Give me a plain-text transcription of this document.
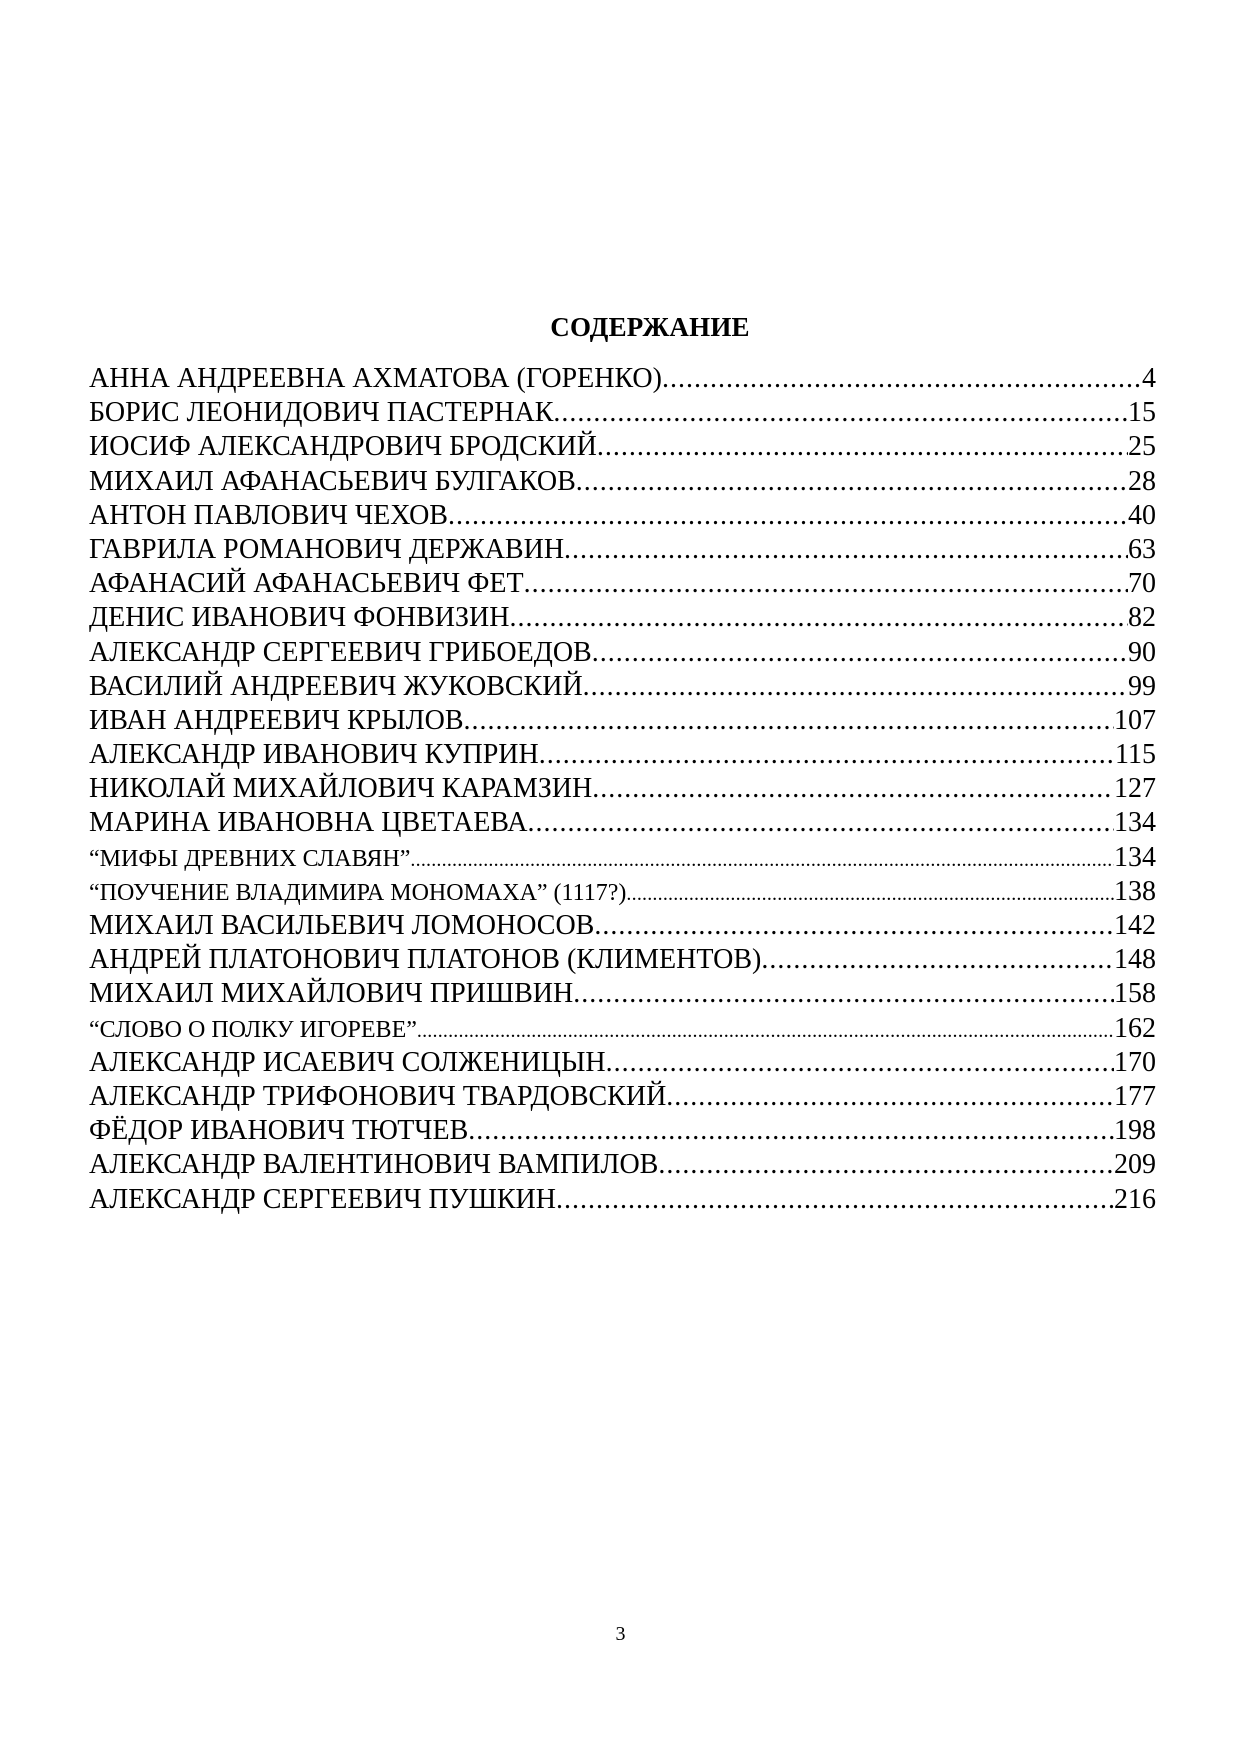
СОДЕРЖАНИЕ
АННА АНДРЕЕВНА АХМАТОВА (ГОРЕНКО) .....	4
БОРИС ЛЕОНИДОВИЧ ПАСТЕРНАК .....	15
ИОСИФ АЛЕКСАНДРОВИЧ БРОДСКИЙ .....	25
МИХАИЛ АФАНАСЬЕВИЧ БУЛГАКОВ .....	28
АНТОН ПАВЛОВИЧ ЧЕХОВ .....	40
ГАВРИЛА РОМАНОВИЧ ДЕРЖАВИН .....	63
АФАНАСИЙ АФАНАСЬЕВИЧ ФЕТ .....	70
ДЕНИС ИВАНОВИЧ ФОНВИЗИН .....	82
АЛЕКСАНДР СЕРГЕЕВИЧ ГРИБОЕДОВ .....	90
ВАСИЛИЙ АНДРЕЕВИЧ ЖУКОВСКИЙ .....	99
ИВАН АНДРЕЕВИЧ КРЫЛОВ .....	107
АЛЕКСАНДР ИВАНОВИЧ КУПРИН .....	115
НИКОЛАЙ МИХАЙЛОВИЧ КАРАМЗИН .....	127
МАРИНА ИВАНОВНА ЦВЕТАЕВА .....	134
“МИФЫ ДРЕВНИХ СЛАВЯН” .....	134
“ПОУЧЕНИЕ ВЛАДИМИРА МОНОМАХА” (1117?) .....	138
МИХАИЛ ВАСИЛЬЕВИЧ ЛОМОНОСОВ .....	142
АНДРЕЙ ПЛАТОНОВИЧ ПЛАТОНОВ (КЛИМЕНТОВ) .....	148
МИХАИЛ МИХАЙЛОВИЧ ПРИШВИН .....	158
“СЛОВО О ПОЛКУ ИГОРЕВЕ” .....	162
АЛЕКСАНДР ИСАЕВИЧ СОЛЖЕНИЦЫН .....	170
АЛЕКСАНДР ТРИФОНОВИЧ ТВАРДОВСКИЙ .....	177
ФЁДОР ИВАНОВИЧ ТЮТЧЕВ .....	198
АЛЕКСАНДР ВАЛЕНТИНОВИЧ ВАМПИЛОВ .....	209
АЛЕКСАНДР СЕРГЕЕВИЧ ПУШКИН .....	216
3
